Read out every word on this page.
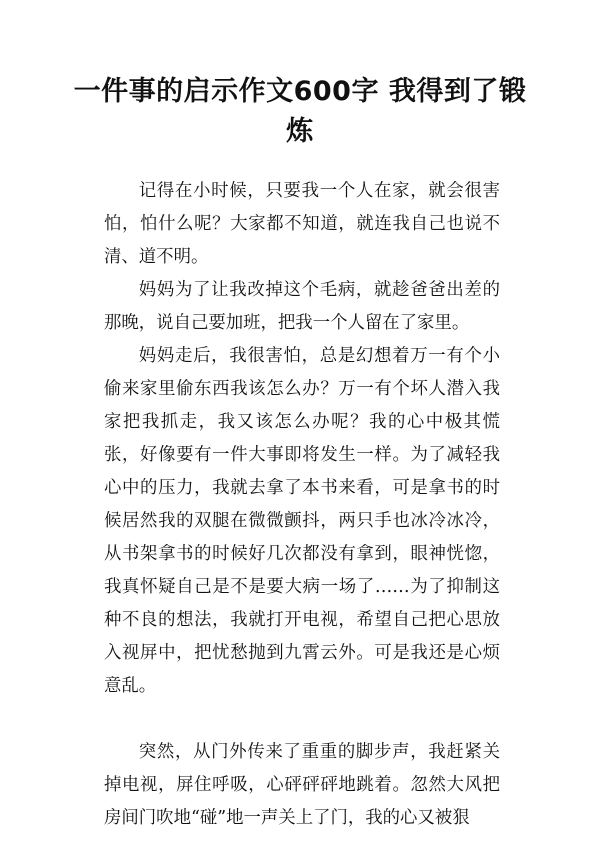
一件事的启示作文600字 我得到了锻炼

记得在小时候，只要我一个人在家，就会很害怕，怕什么呢？大家都不知道，就连我自己也说不清、道不明。

妈妈为了让我改掉这个毛病，就趁爸爸出差的那晚，说自己要加班，把我一个人留在了家里。

妈妈走后，我很害怕，总是幻想着万一有个小偷来家里偷东西我该怎么办？万一有个坏人潜入我家把我抓走，我又该怎么办呢？我的心中极其慌张，好像要有一件大事即将发生一样。为了减轻我心中的压力，我就去拿了本书来看，可是拿书的时候居然我的双腿在微微颤抖，两只手也冰冷冰冷，从书架拿书的时候好几次都没有拿到，眼神恍惚，我真怀疑自己是不是要大病一场了……为了抑制这种不良的想法，我就打开电视，希望自己把心思放入视屏中，把忧愁抛到九霄云外。可是我还是心烦意乱。

突然，从门外传来了重重的脚步声，我赶紧关掉电视，屏住呼吸，心砰砰砰地跳着。忽然大风把房间门吹地“碰”地一声关上了门，我的心又被狠
